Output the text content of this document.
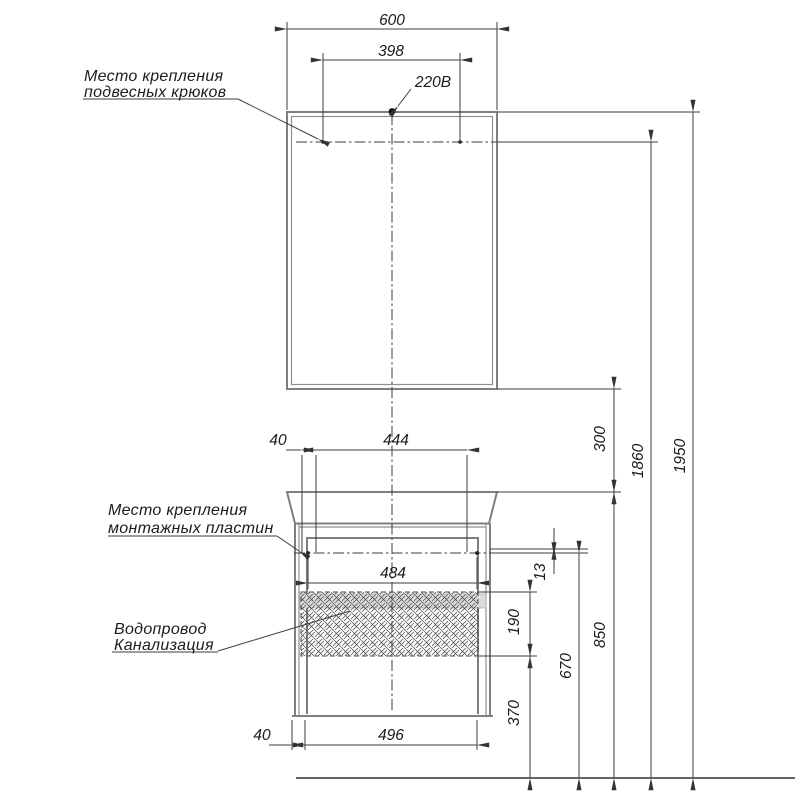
600
398
220В
Место крепления
подвесных крюков
40	444
Место крепления
монтажных пластин
484
Водопровод
Канализация
40	496
300
850
670
13
190
370
1860 1950
